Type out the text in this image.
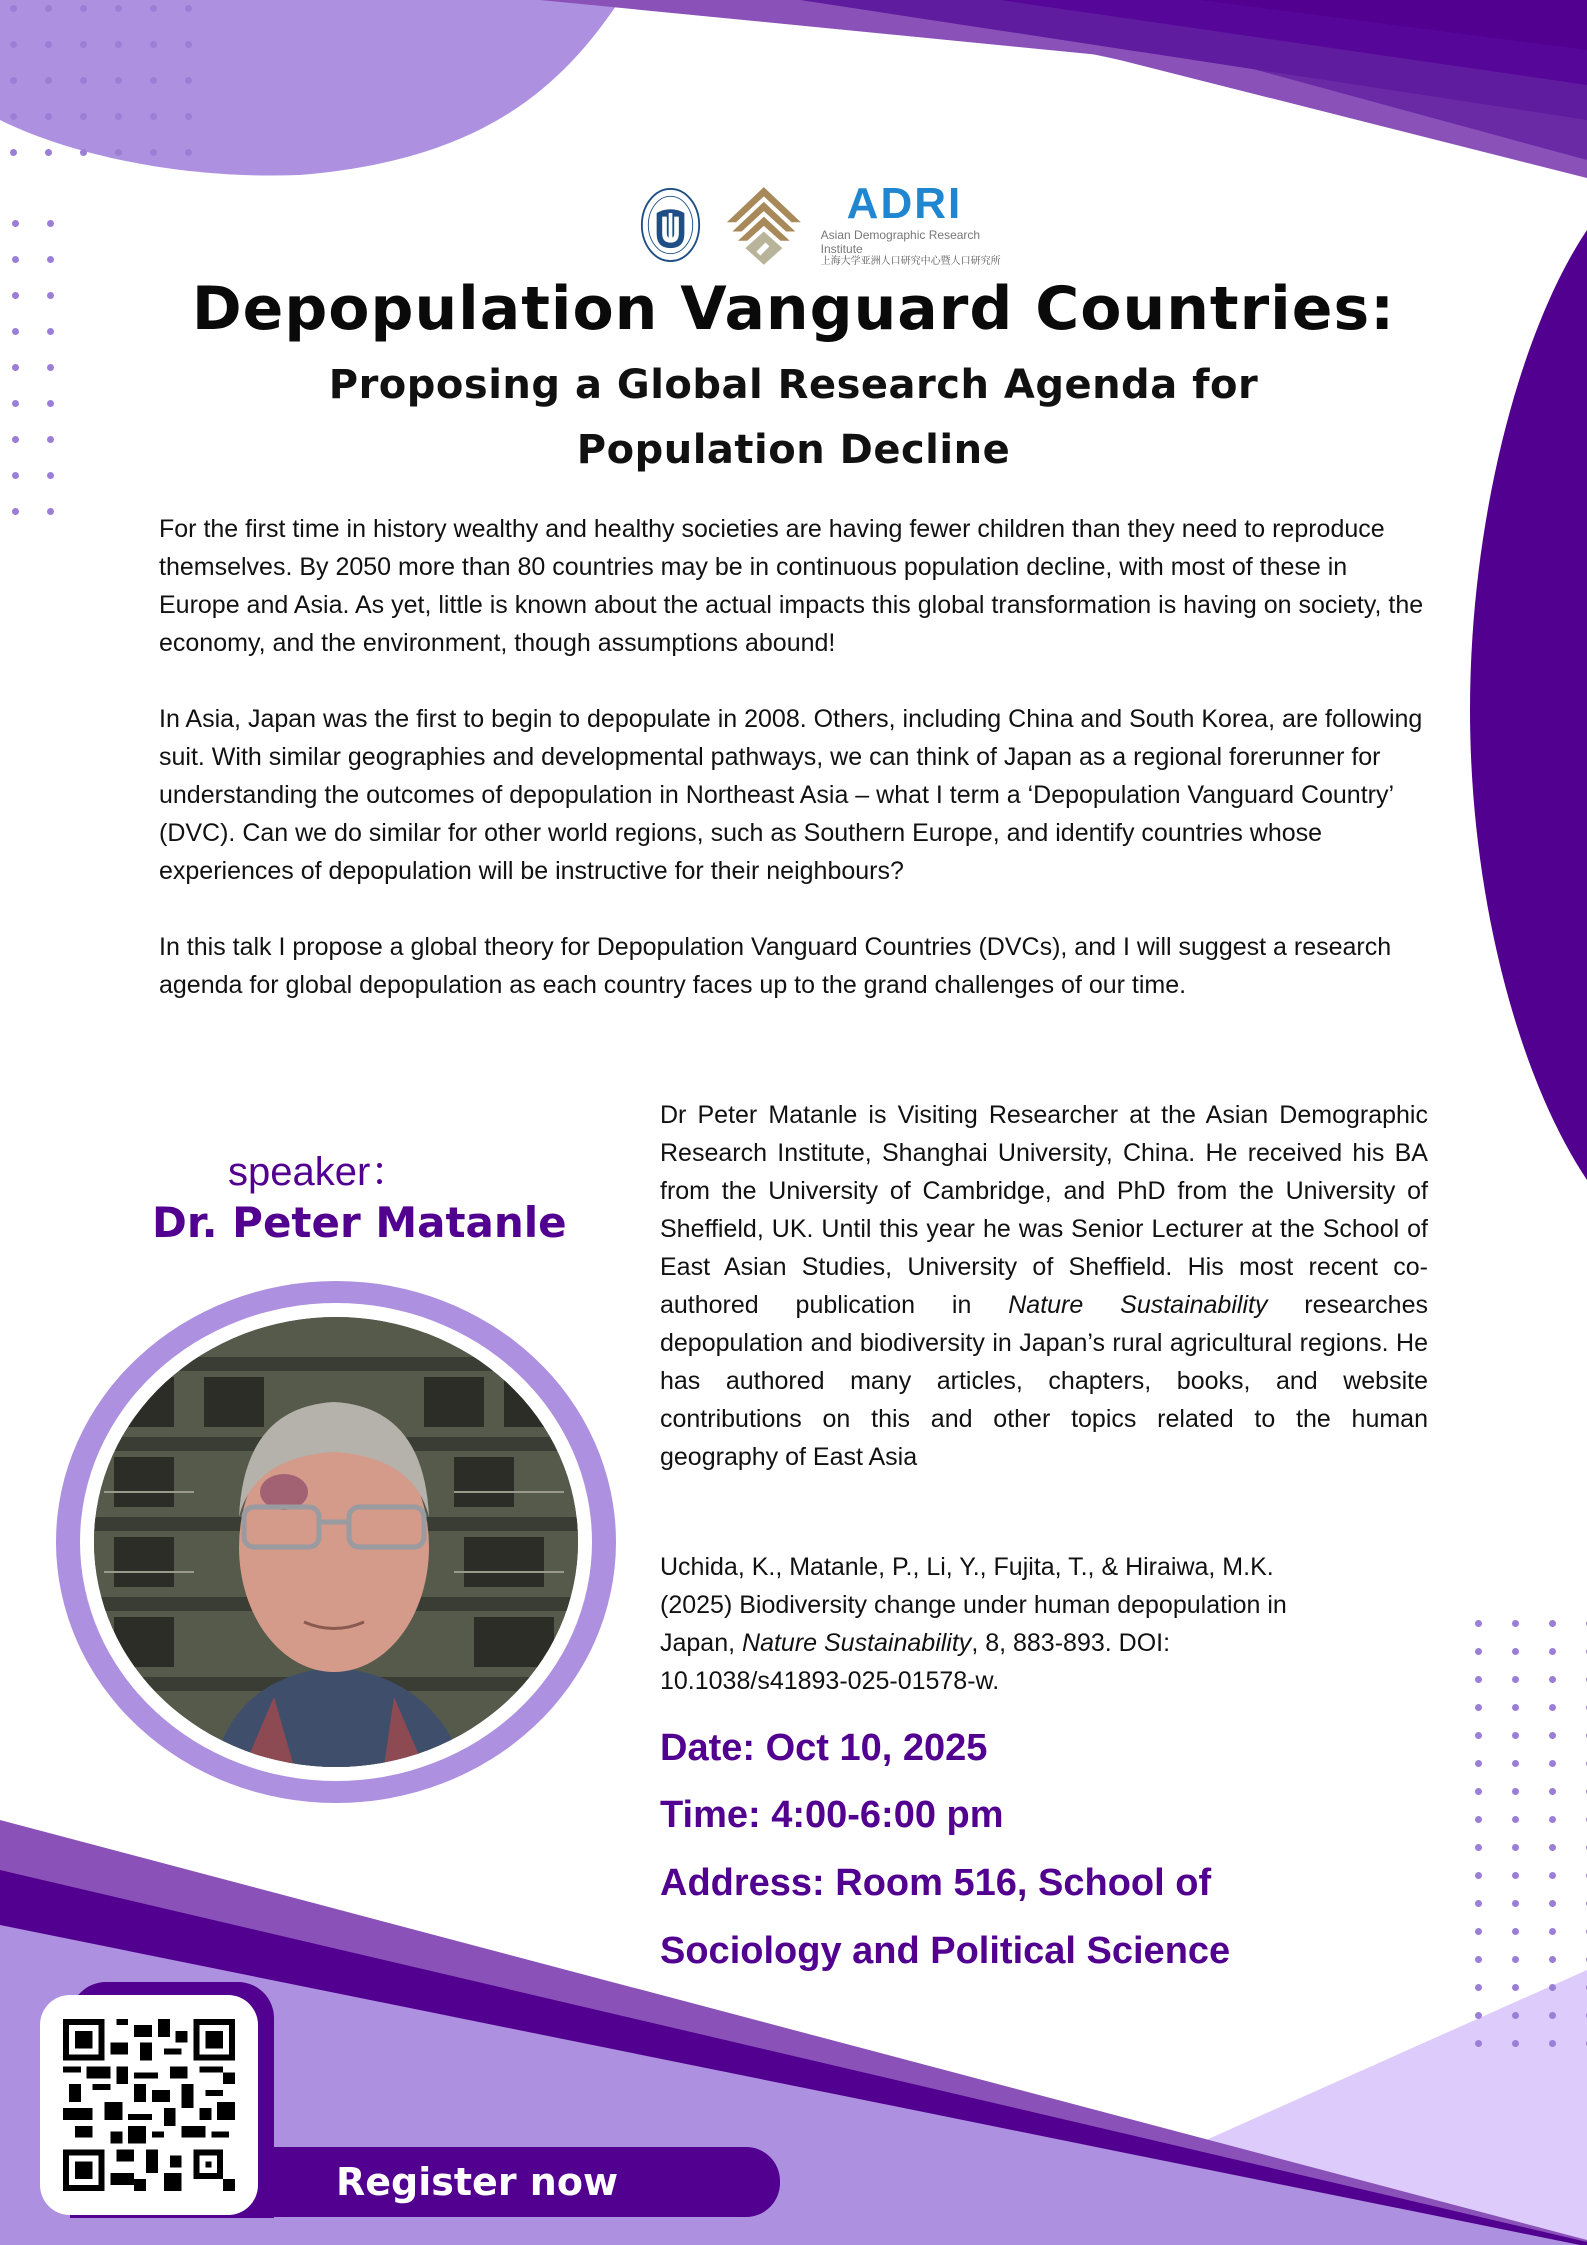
ADRI
Asian Demographic Research Institute
上海大学亚洲人口研究中心暨人口研究所
Depopulation Vanguard Countries:
Proposing a Global Research Agenda for
Population Decline

For the first time in history wealthy and healthy societies are having fewer children than they need to reproduce themselves. By 2050 more than 80 countries may be in continuous population decline, with most of these in Europe and Asia. As yet, little is known about the actual impacts this global transformation is having on society, the economy, and the environment, though assumptions abound!

In Asia, Japan was the first to begin to depopulate in 2008. Others, including China and South Korea, are following suit. With similar geographies and developmental pathways, we can think of Japan as a regional forerunner for understanding the outcomes of depopulation in Northeast Asia – what I term a ‘Depopulation Vanguard Country’ (DVC). Can we do similar for other world regions, such as Southern Europe, and identify countries whose experiences of depopulation will be instructive for their neighbours?

In this talk I propose a global theory for Depopulation Vanguard Countries (DVCs), and I will suggest a research agenda for global depopulation as each country faces up to the grand challenges of our time.

speaker：
Dr. Peter Matanle
Dr Peter Matanle is Visiting Researcher at the Asian Demographic Research Institute, Shanghai University, China. He received his BA from the University of Cambridge, and PhD from the University of Sheffield, UK. Until this year he was Senior Lecturer at the School of East Asian Studies, University of Sheffield. His most recent co-authored publication in Nature Sustainability researches depopulation and biodiversity in Japan’s rural agricultural regions. He has authored many articles, chapters, books, and website contributions on this and other topics related to the human geography of East Asia
Uchida, K., Matanle, P., Li, Y., Fujita, T., & Hiraiwa, M.K.
(2025) Biodiversity change under human depopulation in
Japan, Nature Sustainability, 8, 883-893. DOI:
10.1038/s41893-025-01578-w.
Date: Oct 10, 2025
Time: 4:00-6:00 pm
Address: Room 516, School of
Sociology and Political Science
Register now
